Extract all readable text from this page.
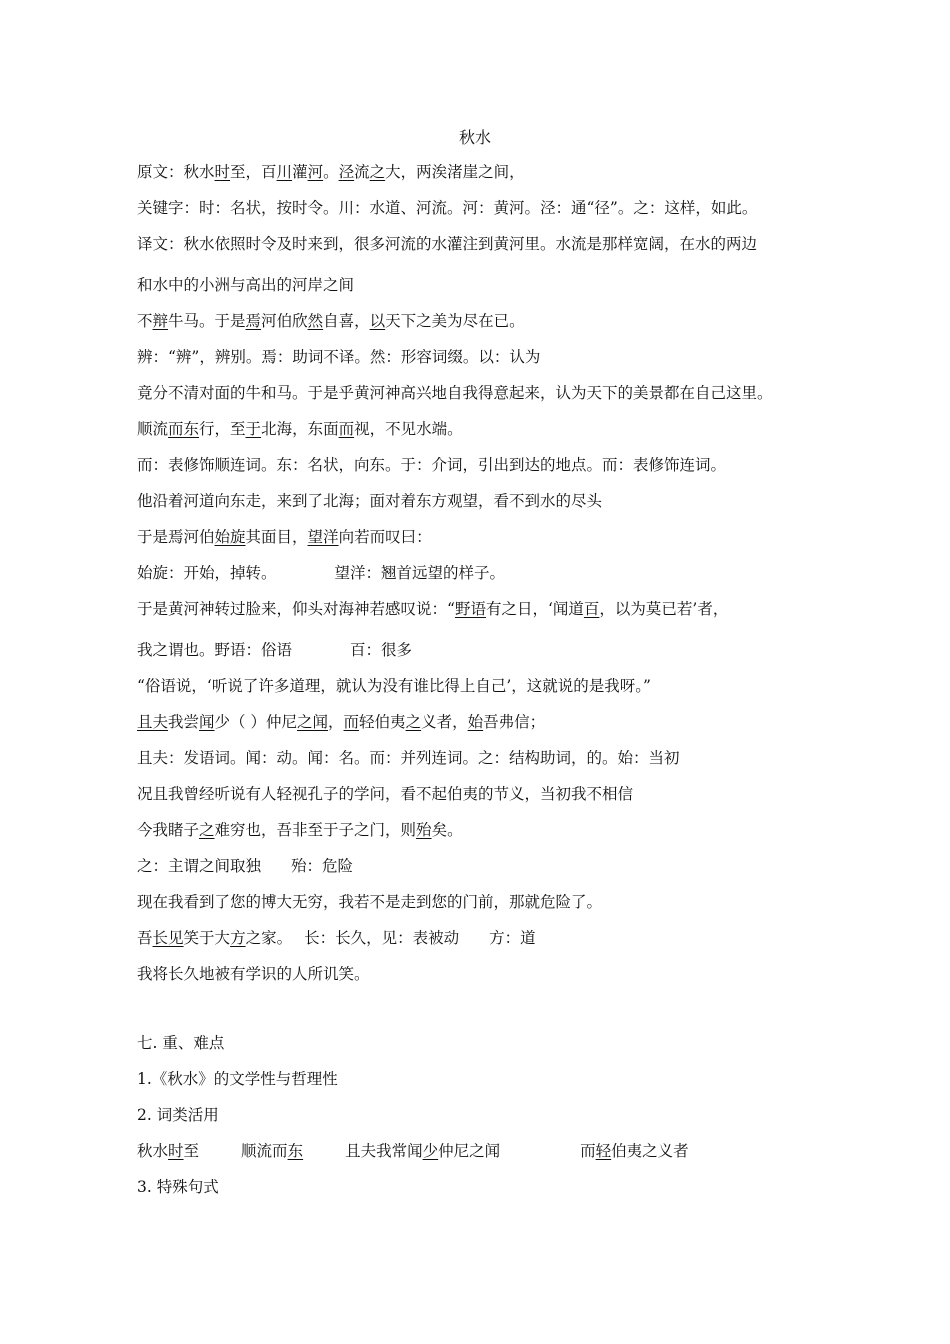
秋水
原文：秋水时至，百川灌河。泾流之大，两涘渚崖之间，
关键字：时：名状，按时令。川：水道、河流。河：黄河。泾：通“径”。之：这样，如此。
译文：秋水依照时令及时来到，很多河流的水灌注到黄河里。水流是那样宽阔，在水的两边
和水中的小洲与高出的河岸之间
不辩牛马。于是焉河伯欣然自喜，以天下之美为尽在已。
辨：“辨”，辨别。焉：助词不译。然：形容词缀。以：认为
竟分不清对面的牛和马。于是乎黄河神高兴地自我得意起来，认为天下的美景都在自己这里。
顺流而东行，至于北海，东面而视，不见水端。
而：表修饰顺连词。东：名状，向东。于：介词，引出到达的地点。而：表修饰连词。
他沿着河道向东走，来到了北海；面对着东方观望，看不到水的尽头
于是焉河伯始旋其面目，望洋向若而叹曰：
始旋：开始，掉转。	望洋：翘首远望的样子。
于是黄河神转过脸来，仰头对海神若感叹说：“野语有之日，‘闻道百，以为莫已若’者，
我之谓也。野语：俗语	百：很多
“俗语说，‘听说了许多道理，就认为没有谁比得上自己’，这就说的是我呀。”
且夫我尝闻少（ ）仲尼之闻，而轻伯夷之义者，始吾弗信；
且夫：发语词。闻：动。闻：名。而：并列连词。之：结构助词，的。始：当初
况且我曾经听说有人轻视孔子的学问，看不起伯夷的节义，当初我不相信
今我睹子之难穷也，吾非至于子之门，则殆矣。
之：主谓之间取独 殆：危险
现在我看到了您的博大无穷，我若不是走到您的门前，那就危险了。
吾长见笑于大方之家。 长：长久，见：表被动 方：道
我将长久地被有学识的人所讥笑。
七. 重、难点
1.《秋水》的文学性与哲理性
2. 词类活用
秋水时至	顺流而东	且夫我常闻少仲尼之闻	而轻伯夷之义者
3. 特殊句式
